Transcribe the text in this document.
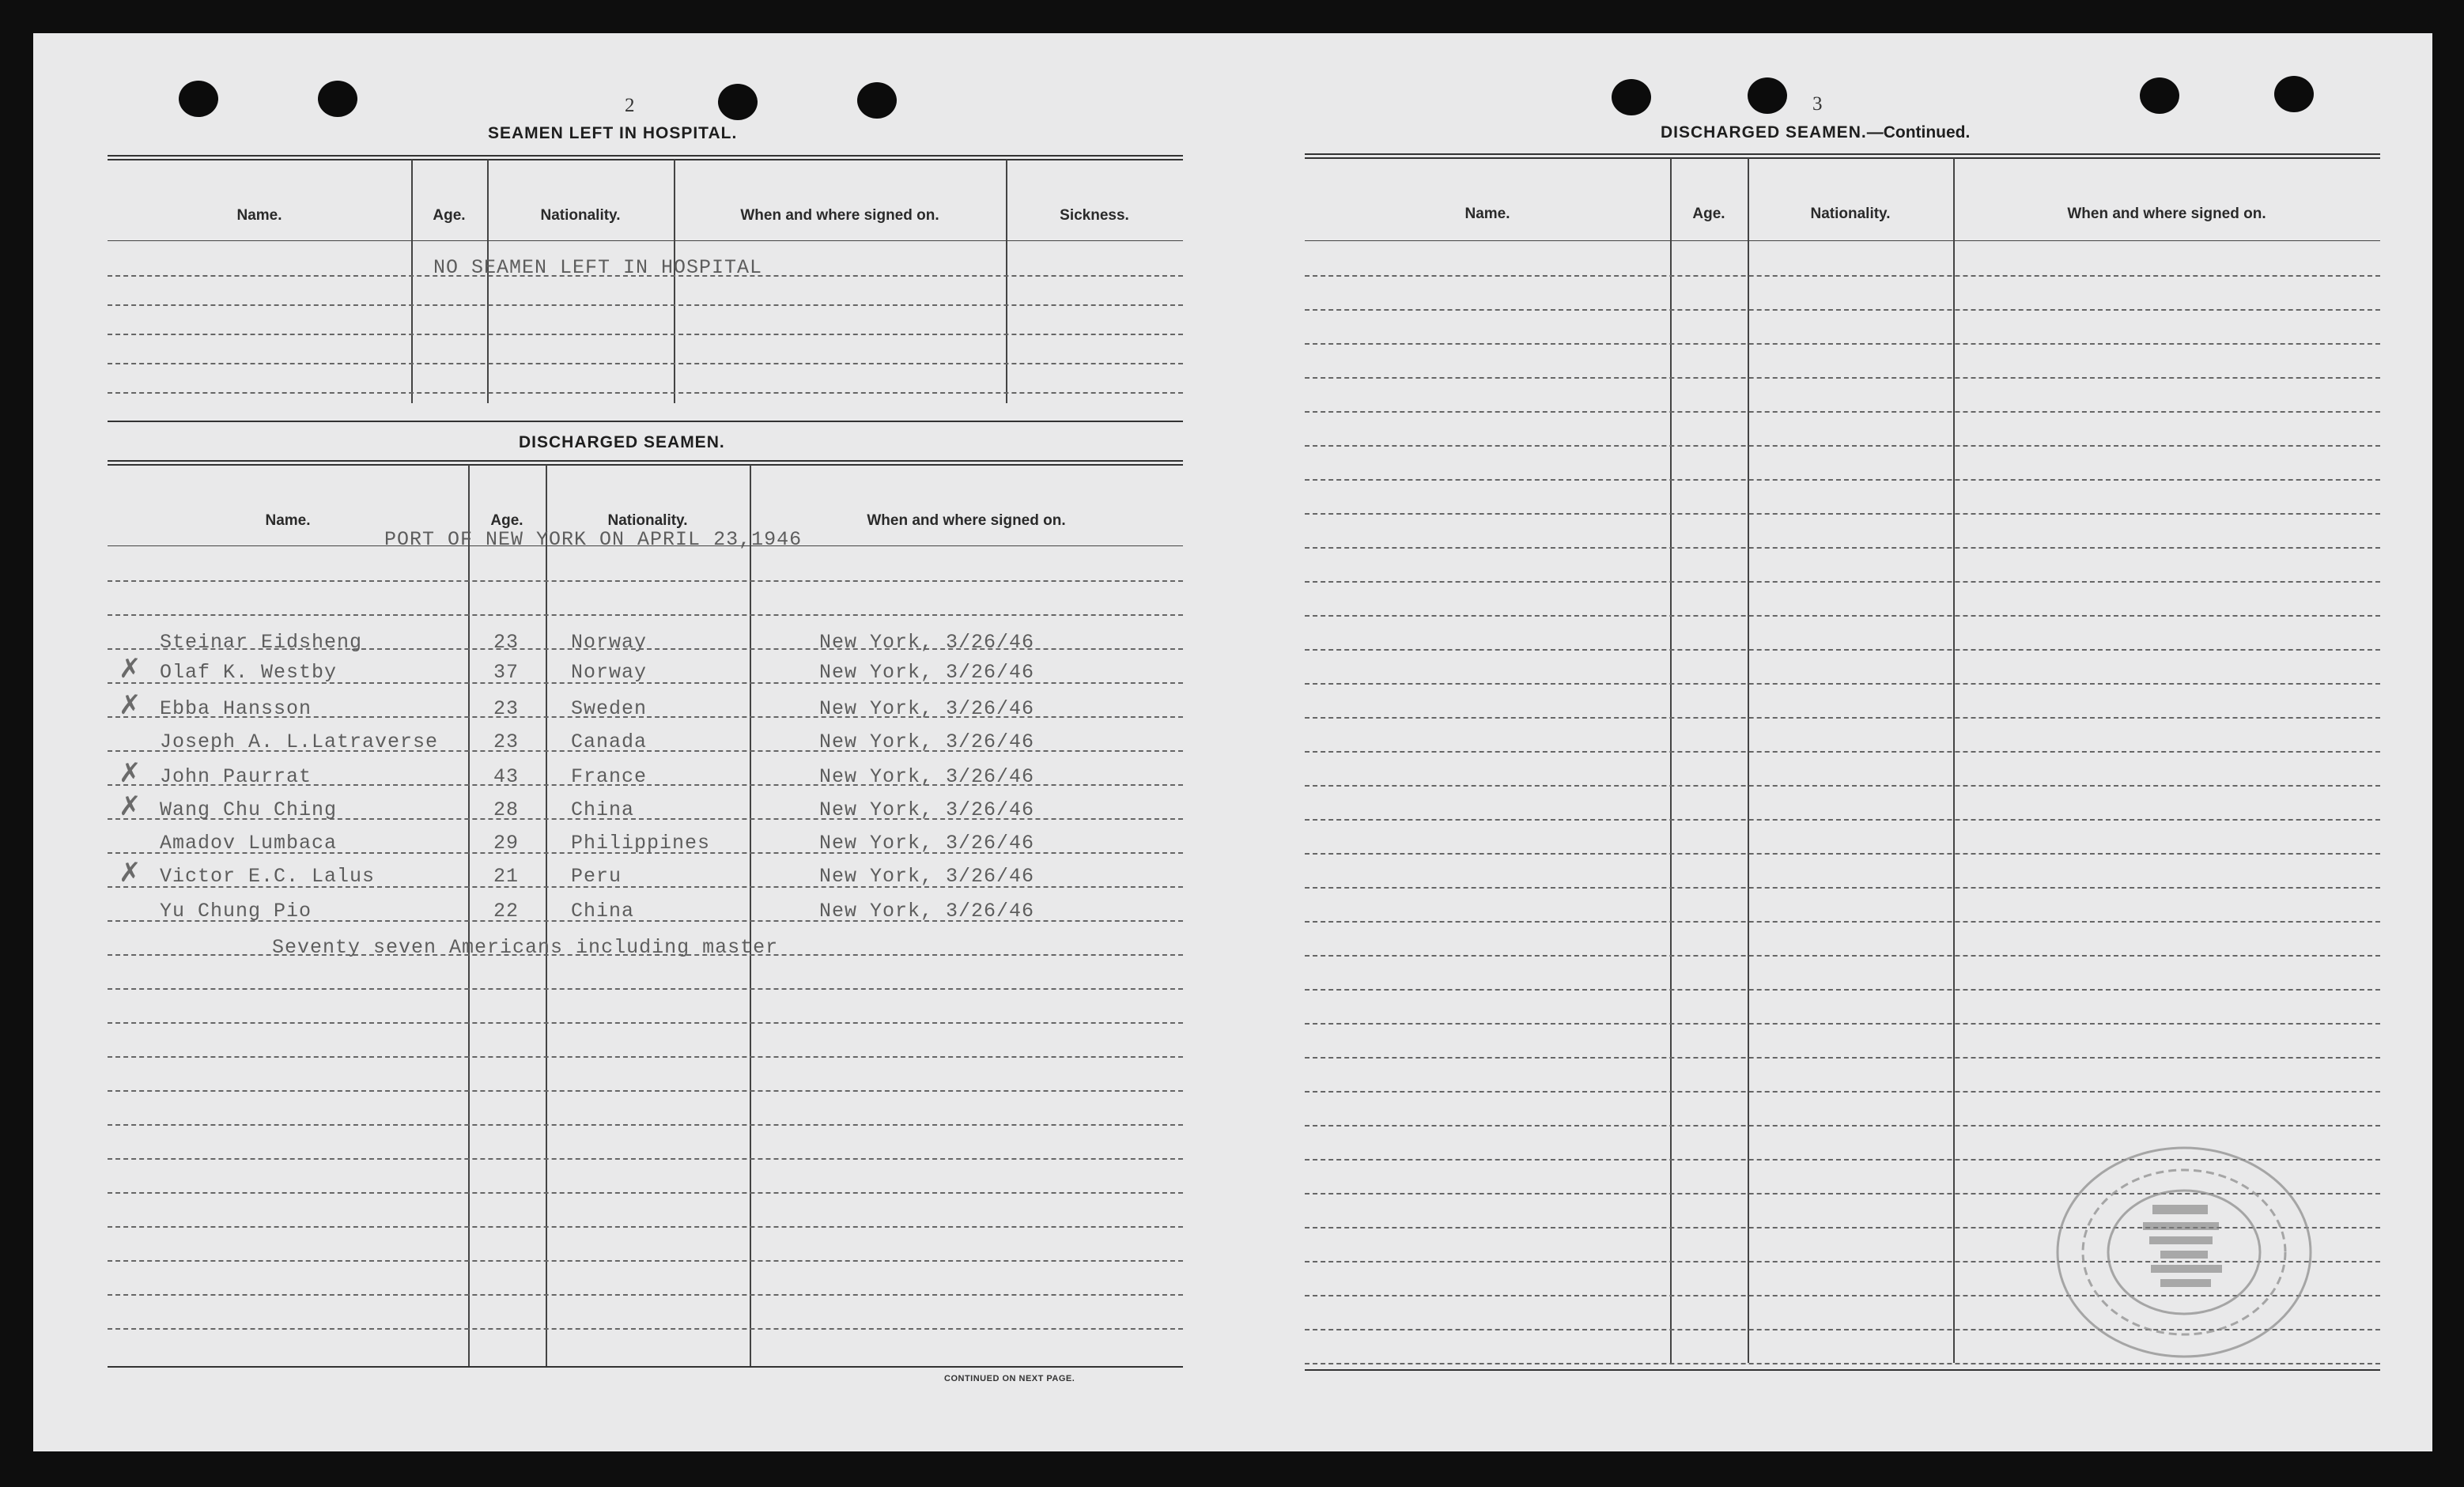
2
SEAMEN LEFT IN HOSPITAL.
Name.	Age.	Nationality.	When and where signed on.	Sickness.
NO SEAMEN LEFT IN HOSPITAL
DISCHARGED SEAMEN.
Name.	Age.	Nationality.	When and where signed on.
PORT OF NEW YORK ON APRIL 23,1946
Steinar Eidsheng	23	Norway	New York, 3/26/46
✗ Olaf K. Westby	37	Norway	New York, 3/26/46
✗ Ebba Hansson	23	Sweden	New York, 3/26/46
Joseph A. L.Latraverse	23	Canada	New York, 3/26/46
✗ John Paurrat	43	France	New York, 3/26/46
✗ Wang Chu Ching	28	China	New York, 3/26/46
Amadov Lumbaca	29	Philippines	New York, 3/26/46
✗ Victor E.C. Lalus	21	Peru	New York, 3/26/46
Yu Chung Pio	22	China	New York, 3/26/46
Seventy seven Americans including master
CONTINUED ON NEXT PAGE.
3
DISCHARGED SEAMEN.—Continued.
Name.	Age.	Nationality.	When and where signed on.
